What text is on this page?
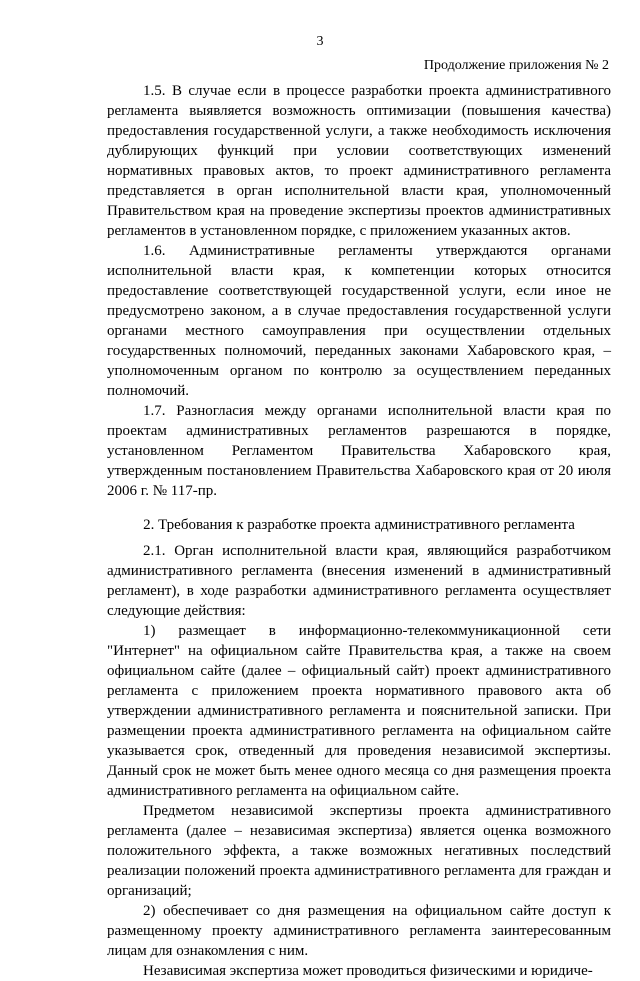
3
Продолжение приложения № 2

1.5. В случае если в процессе разработки проекта административного регламента выявляется возможность оптимизации (повышения качества) предоставления государственной услуги, а также необходимость исключения дублирующих функций при условии соответствующих изменений нормативных правовых актов, то проект административного регламента представляется в орган исполнительной власти края, уполномоченный Правительством края на проведение экспертизы проектов административных регламентов в установленном порядке, с приложением указанных актов.

1.6. Административные регламенты утверждаются органами исполнительной власти края, к компетенции которых относится предоставление соответствующей государственной услуги, если иное не предусмотрено законом, а в случае предоставления государственной услуги органами местного самоуправления при осуществлении отдельных государственных полномочий, переданных законами Хабаровского края, – уполномоченным органом по контролю за осуществлением переданных полномочий.

1.7. Разногласия между органами исполнительной власти края по проектам административных регламентов разрешаются в порядке, установленном Регламентом Правительства Хабаровского края, утвержденным постановлением Правительства Хабаровского края от 20 июля 2006 г. № 117-пр.

2. Требования к разработке проекта административного регламента

2.1. Орган исполнительной власти края, являющийся разработчиком административного регламента (внесения изменений в административный регламент), в ходе разработки административного регламента осуществляет следующие действия:

1) размещает в информационно-телекоммуникационной сети "Интернет" на официальном сайте Правительства края, а также на своем официальном сайте (далее – официальный сайт) проект административного регламента с приложением проекта нормативного правового акта об утверждении административного регламента и пояснительной записки. При размещении проекта административного регламента на официальном сайте указывается срок, отведенный для проведения независимой экспертизы. Данный срок не может быть менее одного месяца со дня размещения проекта административного регламента на официальном сайте.

Предметом независимой экспертизы проекта административного регламента (далее – независимая экспертиза) является оценка возможного положительного эффекта, а также возможных негативных последствий реализации положений проекта административного регламента для граждан и организаций;

2) обеспечивает со дня размещения на официальном сайте доступ к размещенному проекту административного регламента заинтересованным лицам для ознакомления с ним.

Независимая экспертиза может проводиться физическими и юридиче-
